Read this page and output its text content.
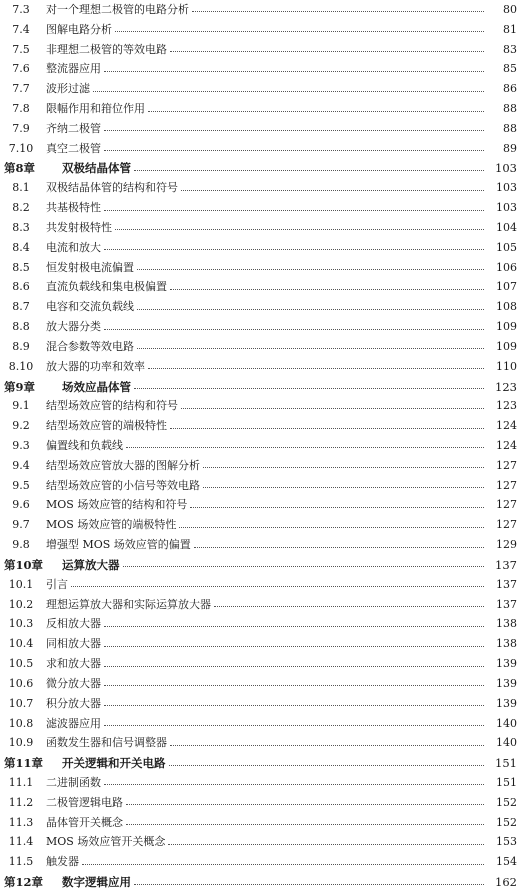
7.3	对一个理想二极管的电路分析	80
7.4	图解电路分析	81
7.5	非理想二极管的等效电路	83
7.6	整流器应用	85
7.7	波形过滤	86
7.8	限幅作用和箝位作用	88
7.9	齐纳二极管	88
7.10	真空二极管	89
第8章	双极结晶体管	103
8.1	双极结晶体管的结构和符号	103
8.2	共基极特性	103
8.3	共发射极特性	104
8.4	电流和放大	105
8.5	恒发射极电流偏置	106
8.6	直流负载线和集电极偏置	107
8.7	电容和交流负载线	108
8.8	放大器分类	109
8.9	混合参数等效电路	109
8.10	放大器的功率和效率	110
第9章	场效应晶体管	123
9.1	结型场效应管的结构和符号	123
9.2	结型场效应管的端极特性	124
9.3	偏置线和负载线	124
9.4	结型场效应管放大器的图解分析	127
9.5	结型场效应管的小信号等效电路	127
9.6	MOS 场效应管的结构和符号	127
9.7	MOS 场效应管的端极特性	127
9.8	增强型 MOS 场效应管的偏置	129
第10章	运算放大器	137
10.1	引言	137
10.2	理想运算放大器和实际运算放大器	137
10.3	反相放大器	138
10.4	同相放大器	138
10.5	求和放大器	139
10.6	微分放大器	139
10.7	积分放大器	139
10.8	滤波器应用	140
10.9	函数发生器和信号调整器	140
第11章	开关逻辑和开关电路	151
11.1	二进制函数	151
11.2	二极管逻辑电路	152
11.3	晶体管开关概念	152
11.4	MOS 场效应管开关概念	153
11.5	触发器	154
第12章	数字逻辑应用	162
